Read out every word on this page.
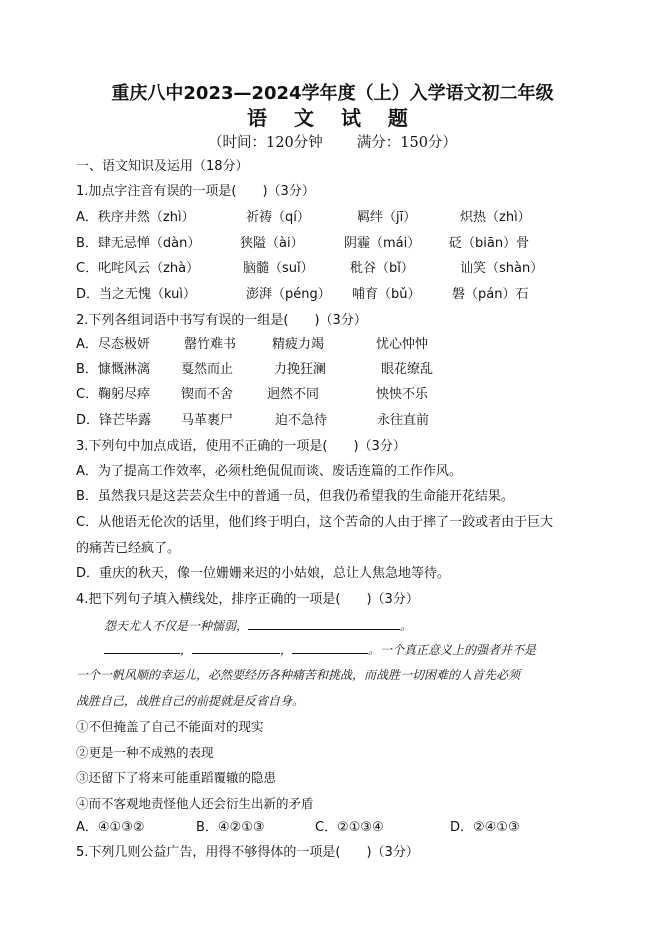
重庆八中2023—2024学年度（上）入学语文初二年级
语 文 试 题
（时间：120分钟 满分：150分）
一、语文知识及运用（18分）
1.加点字注音有误的一项是(　　)（3分）
A．秩序井然（zhì）	祈祷（qí）	羁绊（jī）	炽热（zhì）
B．肆无忌惮（dàn）	狭隘（ài）	阴霾（mái） 砭（biān）骨
C．叱咤风云（zhà）	脑髓（suǐ）	秕谷（bǐ）	讪笑（shàn）
D．当之无愧（kuì）	澎湃（péng） 哺育（bǔ） 磐（pán）石
2.下列各组词语中书写有误的一组是(　　)（3分）
A．尽态极妍	罄竹难书	精疲力竭	忧心忡忡
B．慷慨淋漓 戛然而止	力挽狂澜	眼花缭乱
C．鞠躬尽瘁 锲而不舍	迥然不同	怏怏不乐
D．锋芒毕露 马革裹尸	迫不急待	永往直前
3.下列句中加点成语，使用不正确的一项是(　　)（3分）
A．为了提高工作效率，必须杜绝侃侃而谈、废话连篇的工作作风。
B．虽然我只是这芸芸众生中的普通一员，但我仍希望我的生命能开花结果。
C．从他语无伦次的话里，他们终于明白，这个苦命的人由于摔了一跤或者由于巨大
的痛苦已经疯了。
D．重庆的秋天，像一位姗姗来迟的小姑娘，总让人焦急地等待。
4.把下列句子填入横线处，排序正确的一项是(　　)（3分）
怨天尤人不仅是一种懦弱，	。
，	，	。一个真正意义上的强者并不是
一个一帆风顺的幸运儿，必然要经历各种痛苦和挑战，而战胜一切困难的人首先必须
战胜自己，战胜自己的前提就是反省自身。
①不但掩盖了自己不能面对的现实
②更是一种不成熟的表现
③还留下了将来可能重蹈覆辙的隐患
④而不客观地责怪他人还会衍生出新的矛盾
A．④①③②	B．④②①③	C．②①③④	D．②④①③
5.下列几则公益广告，用得不够得体的一项是(　　)（3分）
